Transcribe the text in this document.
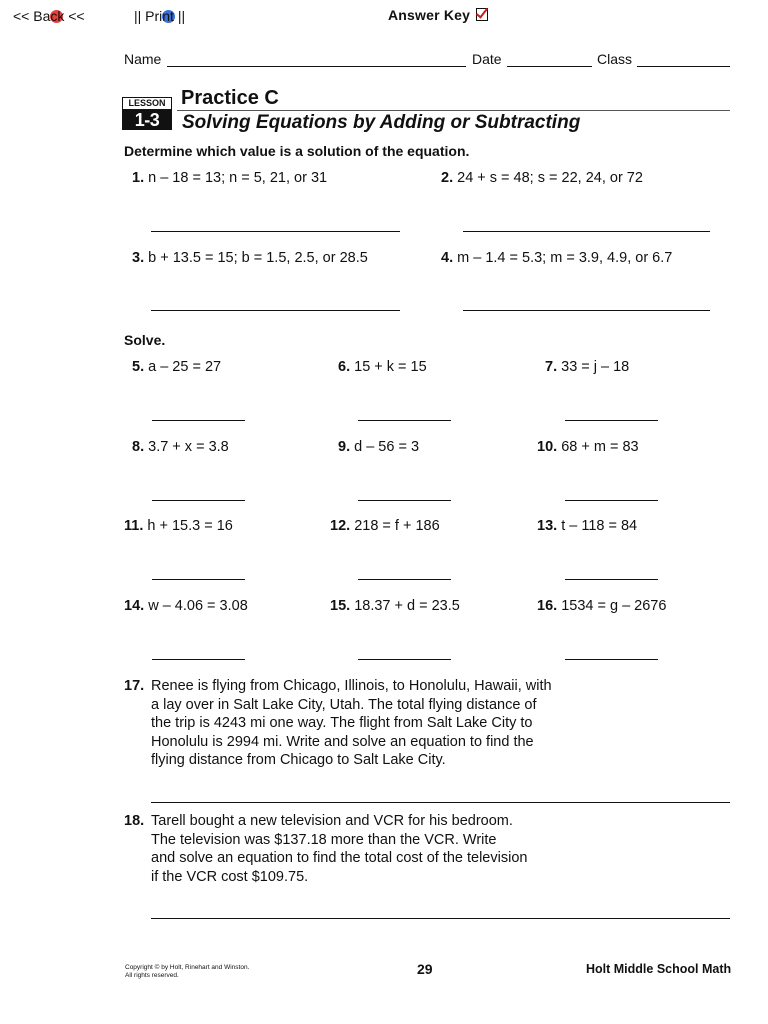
<< Back <<	|| Print ||	Answer Key
Name	Date	Class
LESSON
1-3
Practice C
Solving Equations by Adding or Subtracting
Determine which value is a solution of the equation.
1. n – 18 = 13; n = 5, 21, or 31	2. 24 + s = 48; s = 22, 24, or 72
3. b + 13.5 = 15; b = 1.5, 2.5, or 28.5	4. m – 1.4 = 5.3; m = 3.9, 4.9, or 6.7
Solve.
5. a – 25 = 27	6. 15 + k = 15	7. 33 = j – 18
8. 3.7 + x = 3.8	9. d – 56 = 3	10. 68 + m = 83
11. h + 15.3 = 16	12. 218 = f + 186	13. t – 118 = 84
14. w – 4.06 = 3.08	15. 18.37 + d = 23.5	16. 1534 = g – 2676
17. Renee is flying from Chicago, Illinois, to Honolulu, Hawaii, with
a lay over in Salt Lake City, Utah. The total flying distance of
the trip is 4243 mi one way. The flight from Salt Lake City to
Honolulu is 2994 mi. Write and solve an equation to find the
flying distance from Chicago to Salt Lake City.
18. Tarell bought a new television and VCR for his bedroom.
The television was $137.18 more than the VCR. Write
and solve an equation to find the total cost of the television
if the VCR cost $109.75.
Copyright © by Holt, Rinehart and Winston.
All rights reserved.	29	Holt Middle School Math
